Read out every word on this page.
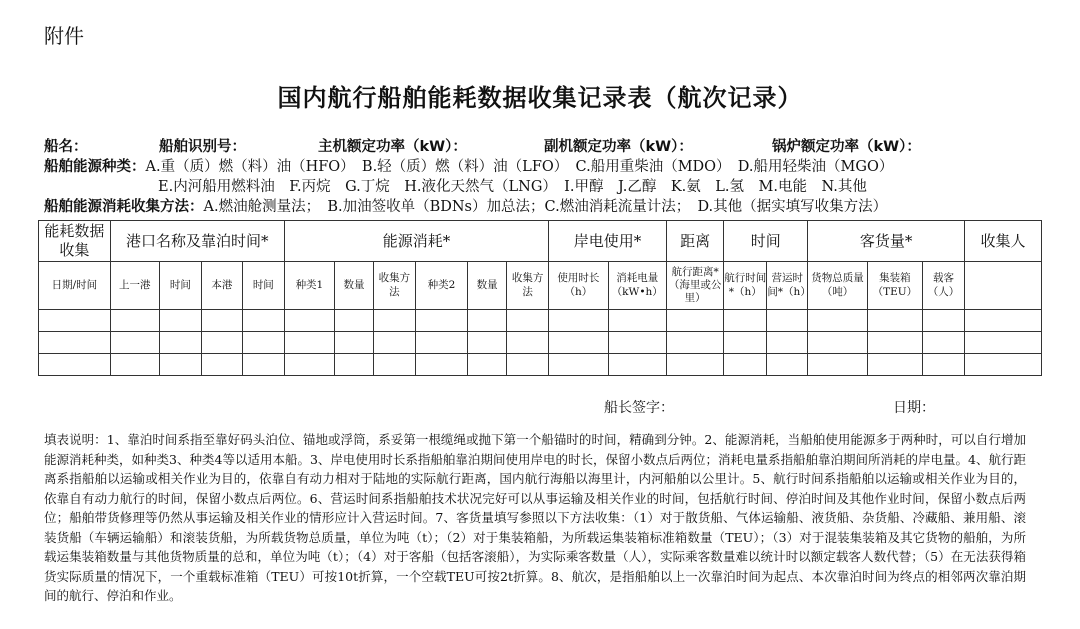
附件
国内航行船舶能耗数据收集记录表（航次记录）
船名：	船舶识别号：	主机额定功率（kW）：	副机额定功率（kW）：	锅炉额定功率（kW）：
船舶能源种类：A.重（质）燃（料）油（HFO）　B.轻（质）燃（料）油（LFO）　C.船用重柴油（MDO）　D.船用轻柴油（MGO）
E.内河船用燃料油　F.丙烷　G.丁烷　H.液化天然气（LNG）　I.甲醇　J.乙醇　K.氨　L.氢　M.电能　N.其他
船舶能源消耗收集方法：A.燃油舱测量法；　B.加油签收单（BDNs）加总法；C.燃油消耗流量计法；　D.其他（据实填写收集方法）
能耗数据收集	港口名称及靠泊时间*				能源消耗*						岸电使用*		距离	时间		客货量*			收集人
日期/时间	上一港	时间	本港	时间	种类1	数量	收集方法	种类2	数量	收集方法	使用时长（h）	消耗电量（kW•h）	航行距离*（海里或公里）	航行时间*（h）	营运时间*（h）	货物总质量（吨）	集装箱（TEU）	载客（人）	

船长签字：	日期：
填表说明：1、靠泊时间系指至靠好码头泊位、锚地或浮筒，系妥第一根缆绳或抛下第一个船锚时的时间，精确到分钟。2、能源消耗，当船舶使用能源多于两种时，可以自行增加能源消耗种类，如种类3、种类4等以适用本船。3、岸电使用时长系指船舶靠泊期间使用岸电的时长，保留小数点后两位；消耗电量系指船舶靠泊期间所消耗的岸电量。4、航行距离系指船舶以运输或相关作业为目的，依靠自有动力相对于陆地的实际航行距离，国内航行海船以海里计，内河船舶以公里计。5、航行时间系指船舶以运输或相关作业为目的，依靠自有动力航行的时间，保留小数点后两位。6、营运时间系指船舶技术状况完好可以从事运输及相关作业的时间，包括航行时间、停泊时间及其他作业时间，保留小数点后两位；船舶带货修理等仍然从事运输及相关作业的情形应计入营运时间。7、客货量填写参照以下方法收集：（1）对于散货船、气体运输船、液货船、杂货船、冷藏船、兼用船、滚装货船（车辆运输船）和滚装货船，为所载货物总质量，单位为吨（t）；（2）对于集装箱船，为所载运集装箱标准箱数量（TEU）；（3）对于混装集装箱及其它货物的船舶，为所载运集装箱数量与其他货物质量的总和，单位为吨（t）；（4）对于客船（包括客滚船），为实际乘客数量（人），实际乘客数量难以统计时以额定载客人数代替；（5）在无法获得箱货实际质量的情况下，一个重载标准箱（TEU）可按10t折算，一个空载TEU可按2t折算。8、航次，是指船舶以上一次靠泊时间为起点、本次靠泊时间为终点的相邻两次靠泊期间的航行、停泊和作业。
